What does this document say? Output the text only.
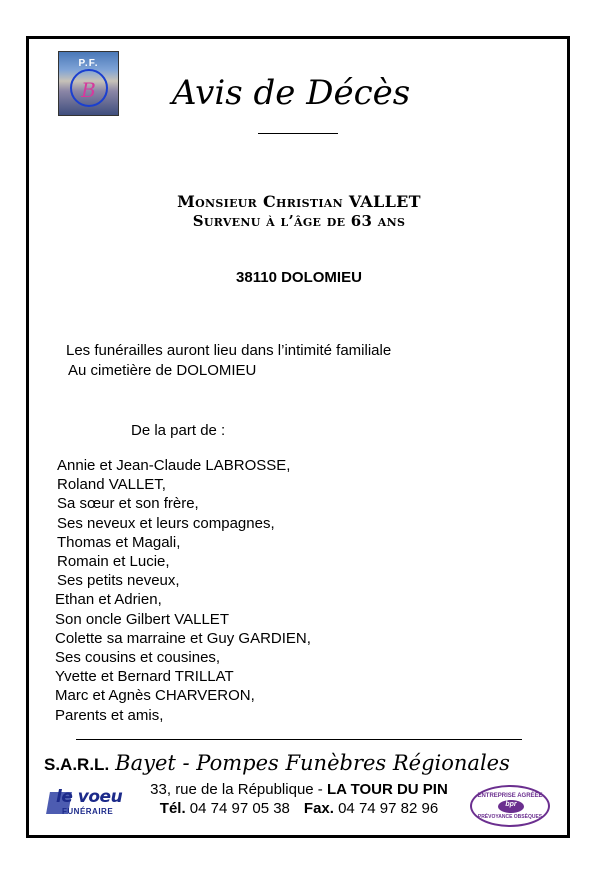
P.F.
B	Avis de Décès
Monsieur Christian VALLET
Survenu à l’âge de 63 ans
38110 DOLOMIEU
Les funérailles auront lieu dans l’intimité familiale
Au cimetière de DOLOMIEU
De la part de :
Annie et Jean-Claude LABROSSE,
Roland VALLET,
Sa sœur et son frère,
Ses neveux et leurs compagnes,
Thomas et Magali,
Romain et Lucie,
Ses petits neveux,
Ethan et Adrien,
Son oncle Gilbert VALLET
Colette sa marraine et Guy GARDIEN,
Ses cousins et cousines,
Yvette et Bernard TRILLAT
Marc et Agnès CHARVERON,
Parents et amis,
S.A.R.L. Bayet - Pompes Funèbres Régionales
33, rue de la République - LA TOUR DU PIN
Tél. 04 74 97 05 38 Fax. 04 74 97 82 96
le voeu
FUNÉRAIRE
ENTREPRISE AGRÉÉE
bpr
PRÉVOYANCE OBSÈQUES
